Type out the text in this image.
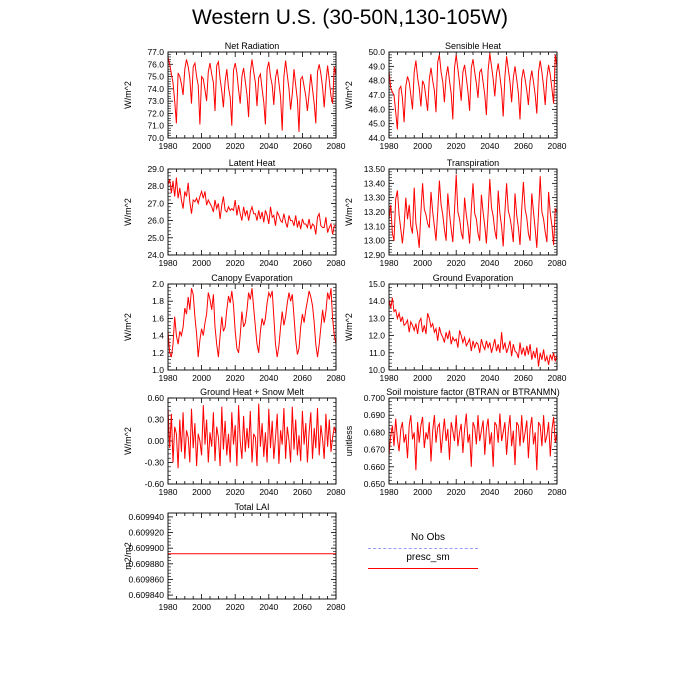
Western U.S. (30-50N,130-105W)
Net Radiation
W/m^2
1980 2000 2020 2040 2060 2080
70.0
71.0
72.0
73.0
74.0
75.0
76.0
77.0
Sensible Heat
W/m^2
1980 2000 2020 2040 2060 2080
44.0
45.0
46.0
47.0
48.0
49.0
50.0
Latent Heat
W/m^2
1980 2000 2020 2040 2060 2080
24.0
25.0
26.0
27.0
28.0
29.0
Transpiration
W/m^2
1980 2000 2020 2040 2060 2080
12.90
13.00
13.10
13.20
13.30
13.40
13.50
Canopy Evaporation
W/m^2
1980 2000 2020 2040 2060 2080
1.0
1.2
1.4
1.6
1.8
2.0
Ground Evaporation
W/m^2
1980 2000 2020 2040 2060 2080
10.0
11.0
12.0
13.0
14.0
15.0
Ground Heat + Snow Melt
W/m^2
1980 2000 2020 2040 2060 2080
-0.60
-0.30
0.00
0.30
0.60
Soil moisture factor (BTRAN or BTRANMN)
unitless
1980 2000 2020 2040 2060 2080
0.650
0.660
0.670
0.680
0.690
0.700
Total LAI
m2/m2
1980 2000 2020 2040 2060 2080
0.609840
0.609860
0.609880
0.609900
0.609920
0.609940
No Obs
presc_sm
